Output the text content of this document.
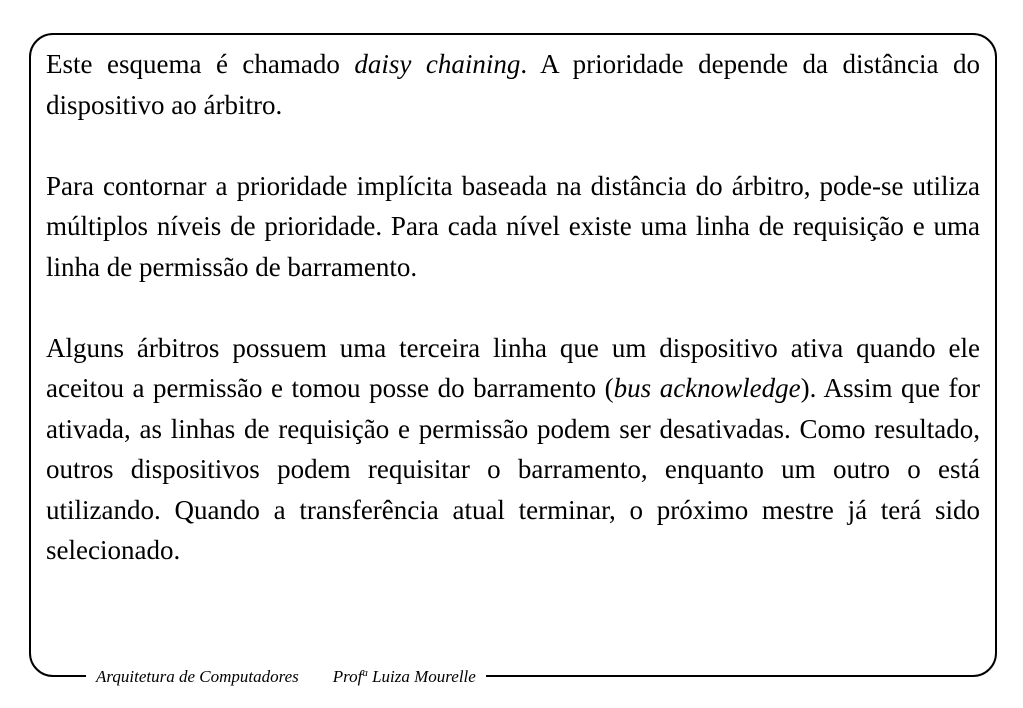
Este esquema é chamado daisy chaining. A prioridade depende da distância do dispositivo ao árbitro.

Para contornar a prioridade implícita baseada na distância do árbitro, pode-se utiliza múltiplos níveis de prioridade. Para cada nível existe uma linha de requisição e uma linha de permissão de barramento.

Alguns árbitros possuem uma terceira linha que um dispositivo ativa quando ele aceitou a permissão e tomou posse do barramento (bus acknowledge). Assim que for ativada, as linhas de requisição e permissão podem ser desativadas. Como resultado, outros dispositivos podem requisitar o barramento, enquanto um outro o está utilizando. Quando a transferência atual terminar, o próximo mestre já terá sido selecionado.

Arquitetura de Computadores Prof$^a$ Luiza Mourelle
